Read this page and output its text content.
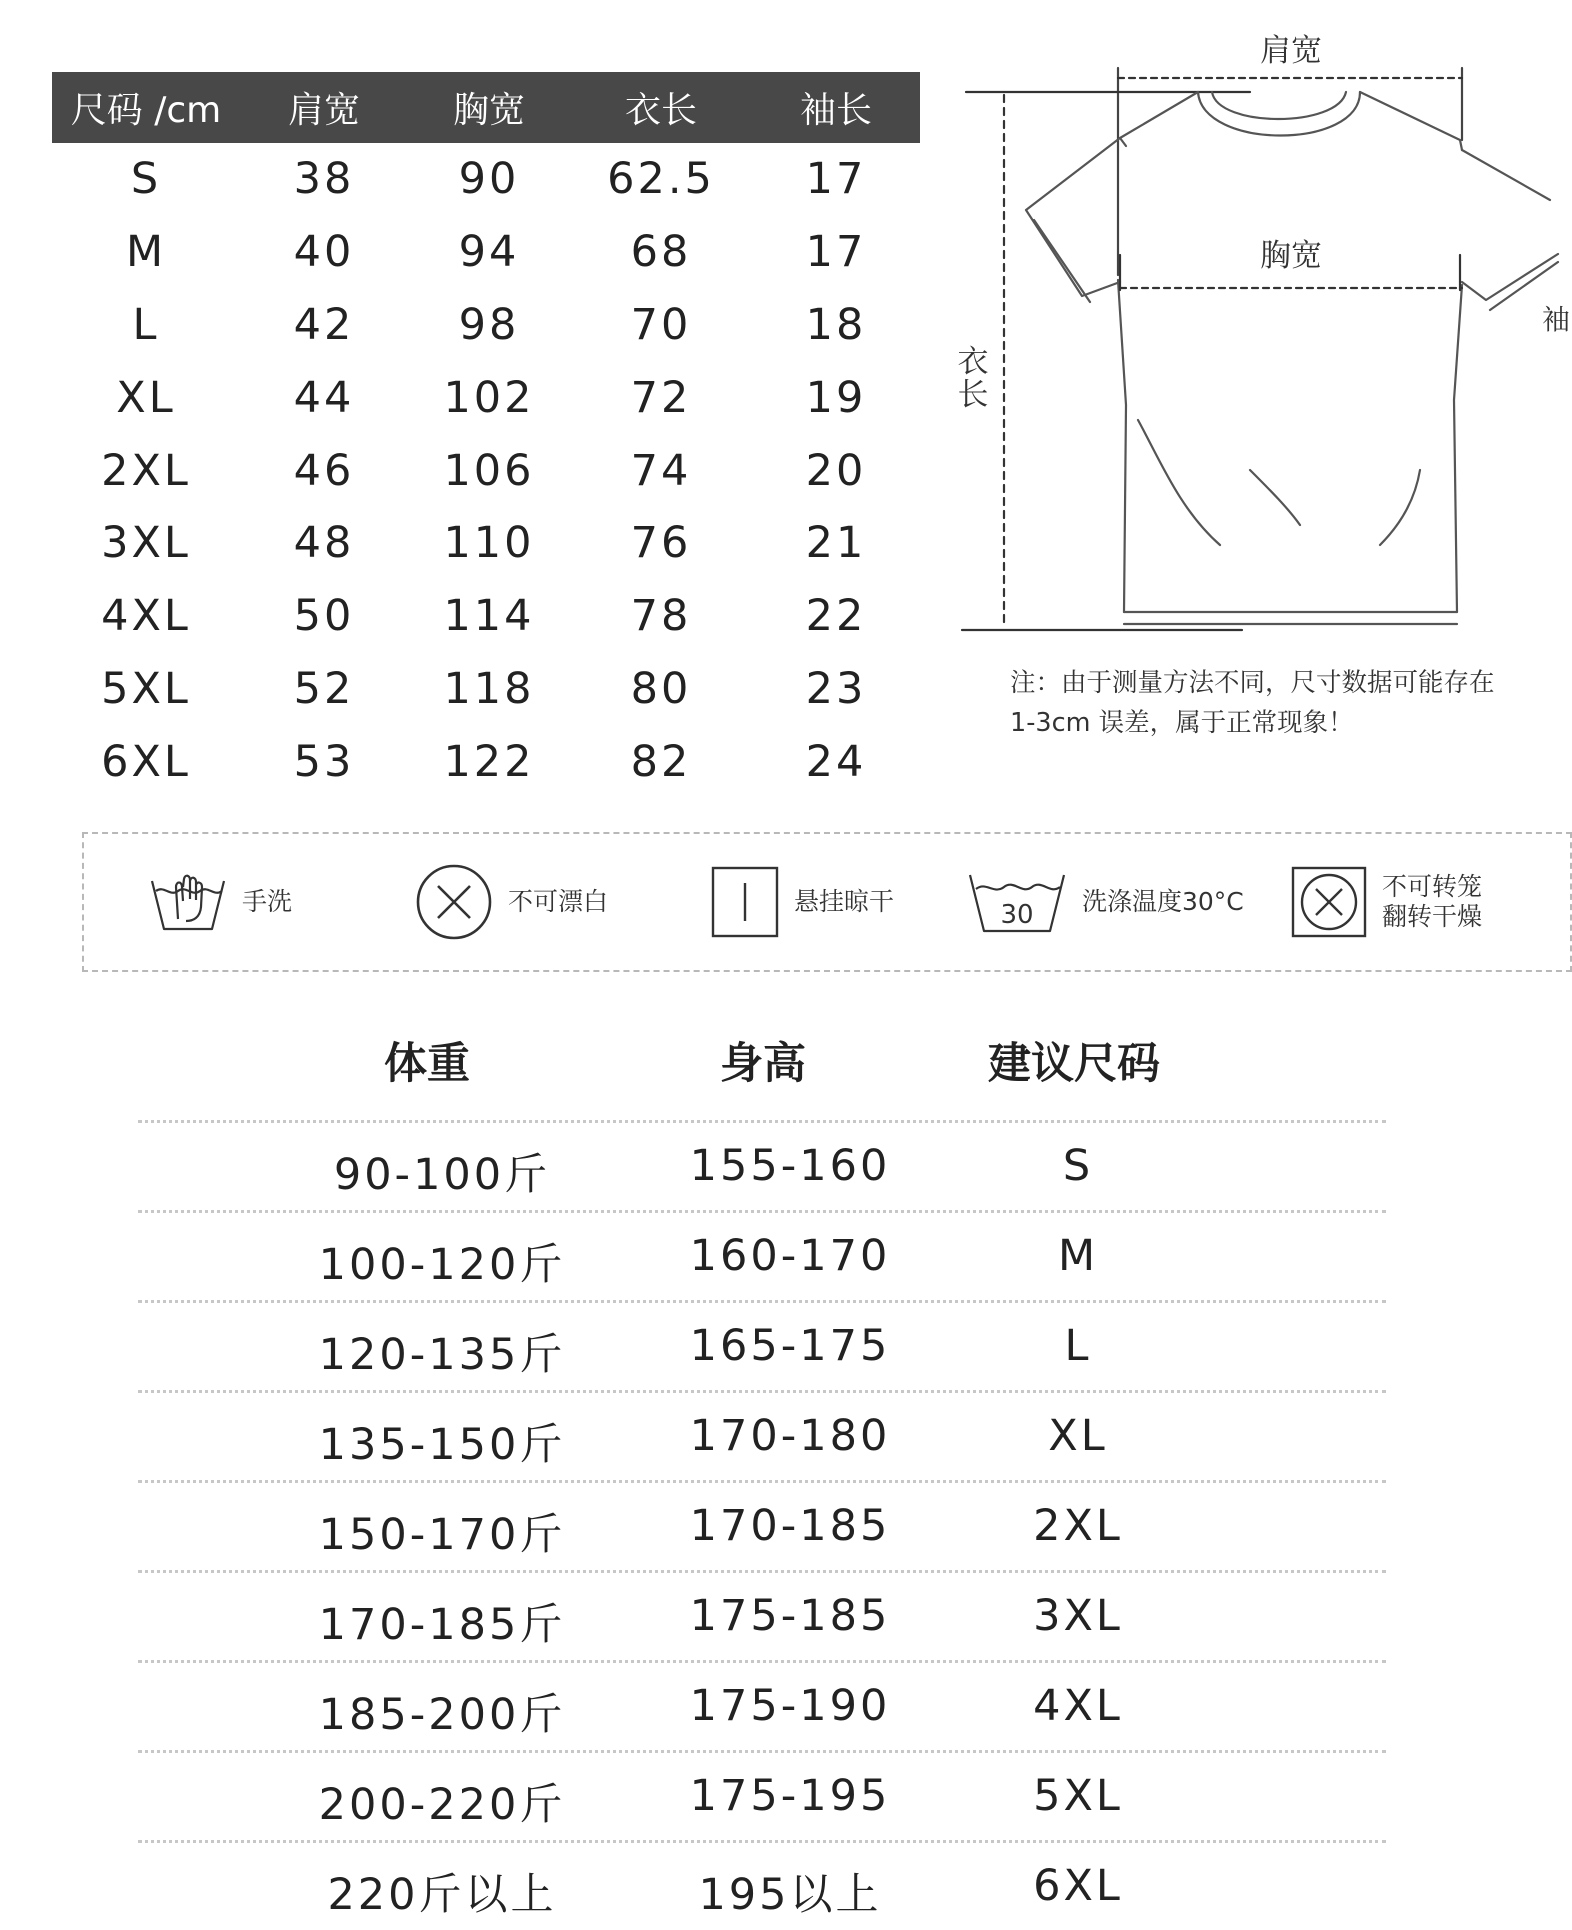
尺码 /cm	肩宽	胸宽	衣长	袖长
S	38	90	62.5	17
M	40	94	68	17
L	42	98	70	18
XL	44	102	72	19
2XL	46	106	74	20
3XL	48	110	76	21
4XL	50	114	78	22
5XL	52	118	80	23
6XL	53	122	82	24
肩宽
胸宽
衣
长
袖
注：由于测量方法不同，尺寸数据可能存在
1-3cm 误差，属于正常现象！
手洗	不可漂白	悬挂晾干	30 洗涤温度30°C
不可转笼
翻转干燥
体重	身高	建议尺码
90-100斤	155-160	S
100-120斤	160-170	M
120-135斤	165-175	L
135-150斤	170-180	XL
150-170斤	170-185	2XL
170-185斤	175-185	3XL
185-200斤	175-190	4XL
200-220斤	175-195	5XL
220斤以上	195以上	6XL
